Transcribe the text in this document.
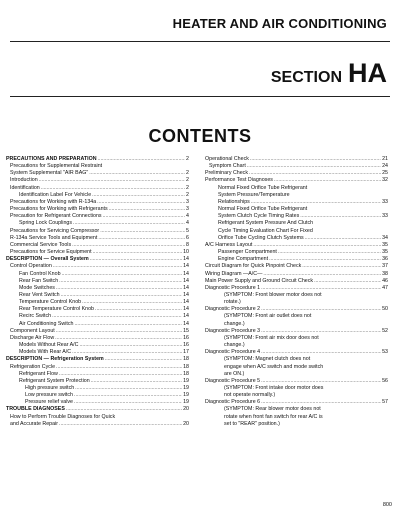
HEATER AND AIR CONDITIONING
SECTION HA
CONTENTS
PRECAUTIONS AND PREPARATION .....	2
Precautions for Supplemental Restraint
System Supplemental "AIR BAG" .....	2
Introduction .....	2
Identification .....	2
Identification Label For Vehicle .....	2
Precautions for Working with R-134a .....	3
Precautions for Working with Refrigerants .....	3
Precaution for Refrigerant Connections .....	4
Spring Lock Couplings .....	4
Precautions for Servicing Compressor .....	5
R-134a Service Tools and Equipment .....	6
Commercial Service Tools .....	8
Precautions for Service Equipment .....	10
DESCRIPTION — Overall System .....	14
Control Operation .....	14
Fan Control Knob .....	14
Rear Fan Switch .....	14
Mode Switches .....	14
Rear Vent Switch .....	14
Temperature Control Knob .....	14
Rear Temperature Control Knob .....	14
Recirc Switch .....	14
Air Conditioning Switch .....	14
Component Layout .....	15
Discharge Air Flow .....	16
Models Without Rear A/C .....	16
Models With Rear A/C .....	17
DESCRIPTION — Refrigeration System .....	18
Refrigeration Cycle .....	18
Refrigerant Flow .....	18
Refrigerant System Protection .....	19
High pressure switch .....	19
Low pressure switch .....	19
Pressure relief valve .....	19
TROUBLE DIAGNOSES .....	20
How to Perform Trouble Diagnoses for Quick
and Accurate Repair .....	20
Operational Check .....	21
Symptom Chart .....	24
Preliminary Check .....	25
Performance Test Diagnoses .....	32
Normal Fixed Orifice Tube Refrigerant
System Pressure/Temperature
Relationships .....	33
Normal Fixed Orifice Tube Refrigerant
System Clutch Cycle Timing Rates .....	33
Refrigerant System Pressure And Clutch
Cycle Timing Evaluation Chart For Fixed
Orifice Tube Cycling Clutch Systems .....	34
A/C Harness Layout .....	35
Passenger Compartment .....	35
Engine Compartment .....	36
Circuit Diagram for Quick Pinpoint Check .....	37
Wiring Diagram —A/C— .....	38
Main Power Supply and Ground Circuit Check .....	46
Diagnostic Procedure 1 .....	47
(SYMPTOM: Front blower motor does not
rotate.)
Diagnostic Procedure 2 .....	50
(SYMPTOM: Front air outlet does not
change.)
Diagnostic Procedure 3 .....	52
(SYMPTOM: Front air mix door does not
change.)
Diagnostic Procedure 4 .....	53
(SYMPTOM: Magnet clutch does not
engage when A/C switch and mode switch
are ON.)
Diagnostic Procedure 5 .....	56
(SYMPTOM: Front intake door motor does
not operate normally.)
Diagnostic Procedure 6 .....	57
(SYMPTOM: Rear blower motor does not
rotate when front fan switch for rear A/C is
set to "REAR" position.)
800
